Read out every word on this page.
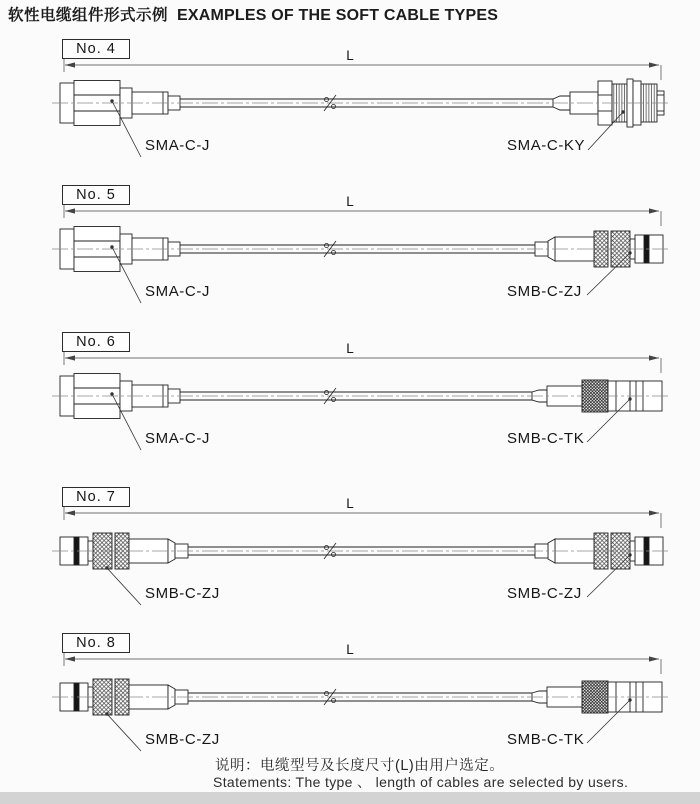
软性电缆组件形式示例 EXAMPLES OF THE SOFT CABLE TYPES
No. 4	L
SMA-C-J	SMA-C-KY
No. 5	L
SMA-C-J	SMB-C-ZJ
No. 6	L
SMA-C-J	SMB-C-TK
No. 7	L
SMB-C-ZJ	SMB-C-ZJ
No. 8	L
SMB-C-ZJ	SMB-C-TK
说明：电缆型号及长度尺寸(L)由用户选定。
Statements: The type 、 length of cables are selected by users.
